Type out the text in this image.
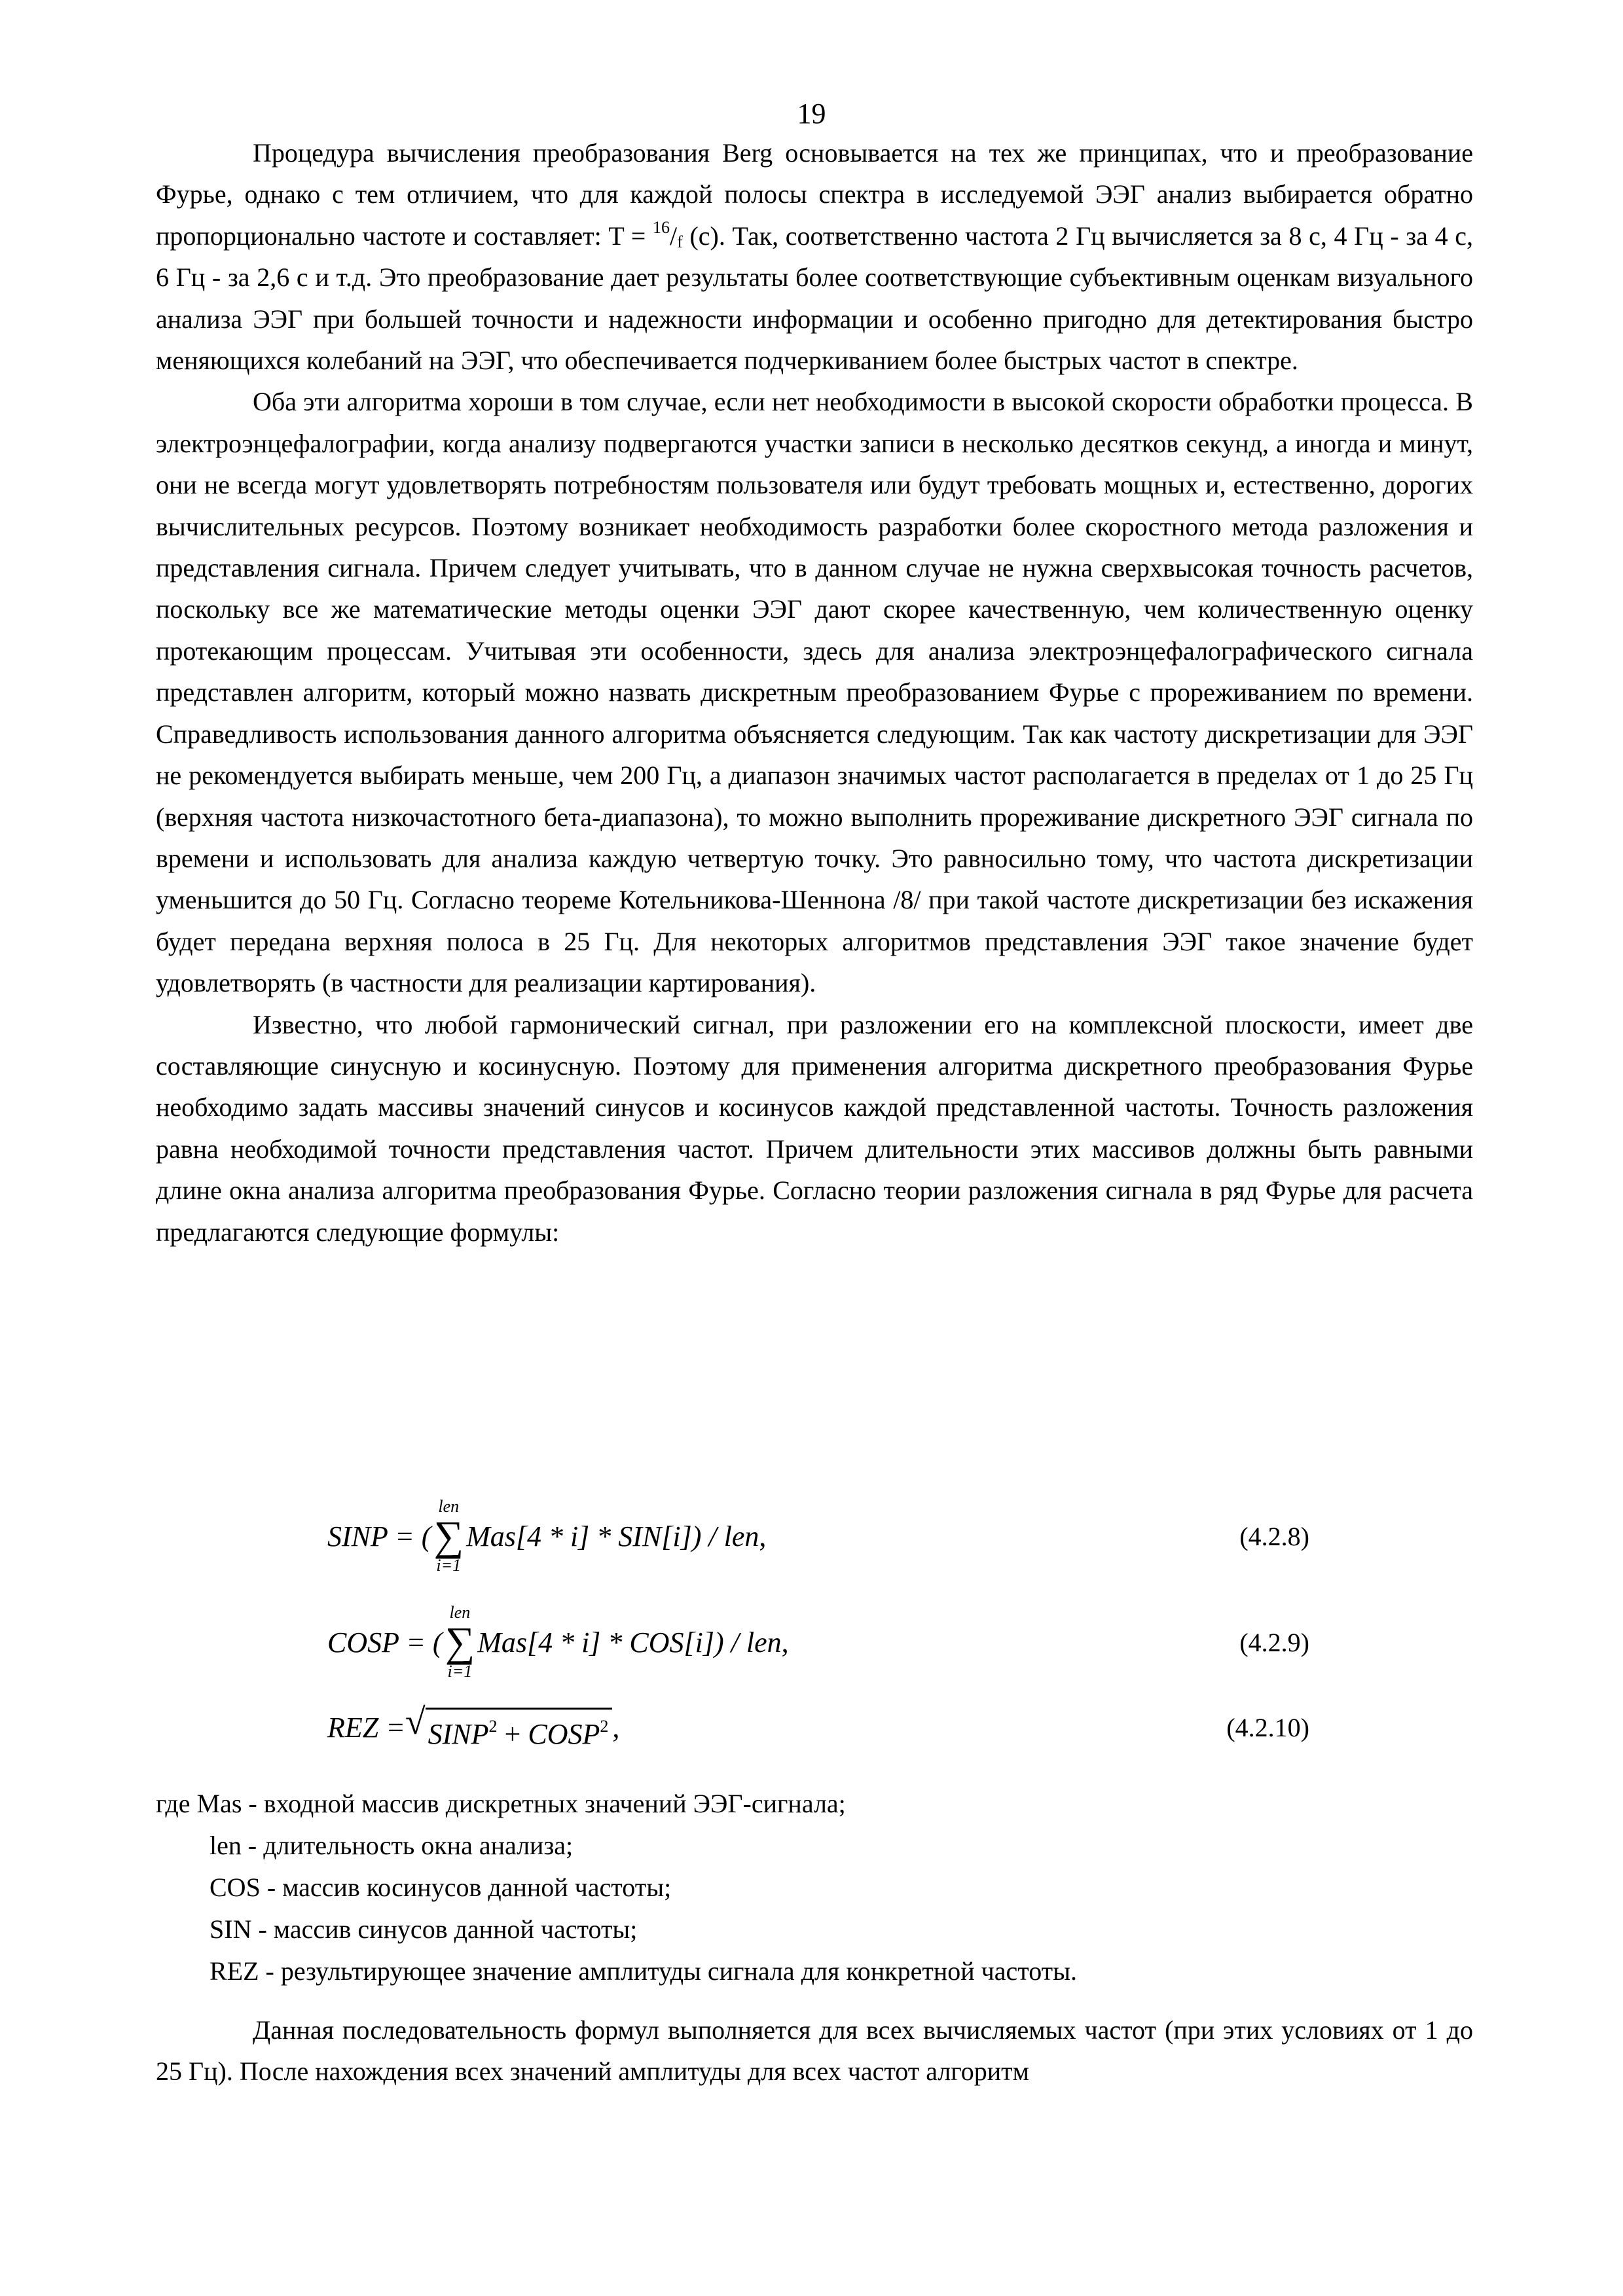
19

Процедура вычисления преобразования Berg основывается на тех же принципах, что и преобразование Фурье, однако с тем отличием, что для каждой полосы спектра в исследуемой ЭЭГ анализ выбирается обратно пропорционально частоте и составляет: $T = ^{16}/_f$ (с). Так, соответственно частота 2 Гц вычисляется за 8 с, 4 Гц - за 4 с, 6 Гц - за 2,6 с и т.д. Это преобразование дает результаты более соответствующие субъективным оценкам визуального анализа ЭЭГ при большей точности и надежности информации и особенно пригодно для детектирования быстро меняющихся колебаний на ЭЭГ, что обеспечивается подчеркиванием более быстрых частот в спектре.

Оба эти алгоритма хороши в том случае, если нет необходимости в высокой скорости обработки процесса. В электроэнцефалографии, когда анализу подвергаются участки записи в несколько десятков секунд, а иногда и минут, они не всегда могут удовлетворять потребностям пользователя или будут требовать мощных и, естественно, дорогих вычислительных ресурсов. Поэтому возникает необходимость разработки более скоростного метода разложения и представления сигнала. Причем следует учитывать, что в данном случае не нужна сверхвысокая точность расчетов, поскольку все же математические методы оценки ЭЭГ дают скорее качественную, чем количественную оценку протекающим процессам. Учитывая эти особенности, здесь для анализа электроэнцефалографического сигнала представлен алгоритм, который можно назвать дискретным преобразованием Фурье с прореживанием по времени. Справедливость использования данного алгоритма объясняется следующим. Так как частоту дискретизации для ЭЭГ не рекомендуется выбирать меньше, чем 200 Гц, а диапазон значимых частот располагается в пределах от 1 до 25 Гц (верхняя частота низкочастотного бета-диапазона), то можно выполнить прореживание дискретного ЭЭГ сигнала по времени и использовать для анализа каждую четвертую точку. Это равносильно тому, что частота дискретизации уменьшится до 50 Гц. Согласно теореме Котельникова-Шеннона /8/ при такой частоте дискретизации без искажения будет передана верхняя полоса в 25 Гц. Для некоторых алгоритмов представления ЭЭГ такое значение будет удовлетворять (в частности для реализации картирования).

Известно, что любой гармонический сигнал, при разложении его на комплексной плоскости, имеет две составляющие синусную и косинусную. Поэтому для применения алгоритма дискретного преобразования Фурье необходимо задать массивы значений синусов и косинусов каждой представленной частоты. Точность разложения равна необходимой точности представления частот. Причем длительности этих массивов должны быть равными длине окна анализа алгоритма преобразования Фурье. Согласно теории разложения сигнала в ряд Фурье для расчета предлагаются следующие формулы:

SINP = (
len
∑
i=1
Mas[4 * i] * SIN[i]) / len ,	(4.2.8)
COSP = (
len
∑
i=1
Mas[4 * i] * COS[i]) / len ,	(4.2.9)
REZ = √ $SINP^2$ + $COSP^2$ ,	(4.2.10)
где Mas - входной массив дискретных значений ЭЭГ-сигнала;
len - длительность окна анализа;
COS - массив косинусов данной частоты;
SIN - массив синусов данной частоты;
REZ - результирующее значение амплитуды сигнала для конкретной частоты.

Данная последовательность формул выполняется для всех вычисляемых частот (при этих условиях от 1 до 25 Гц). После нахождения всех значений амплитуды для всех частот алгоритм
